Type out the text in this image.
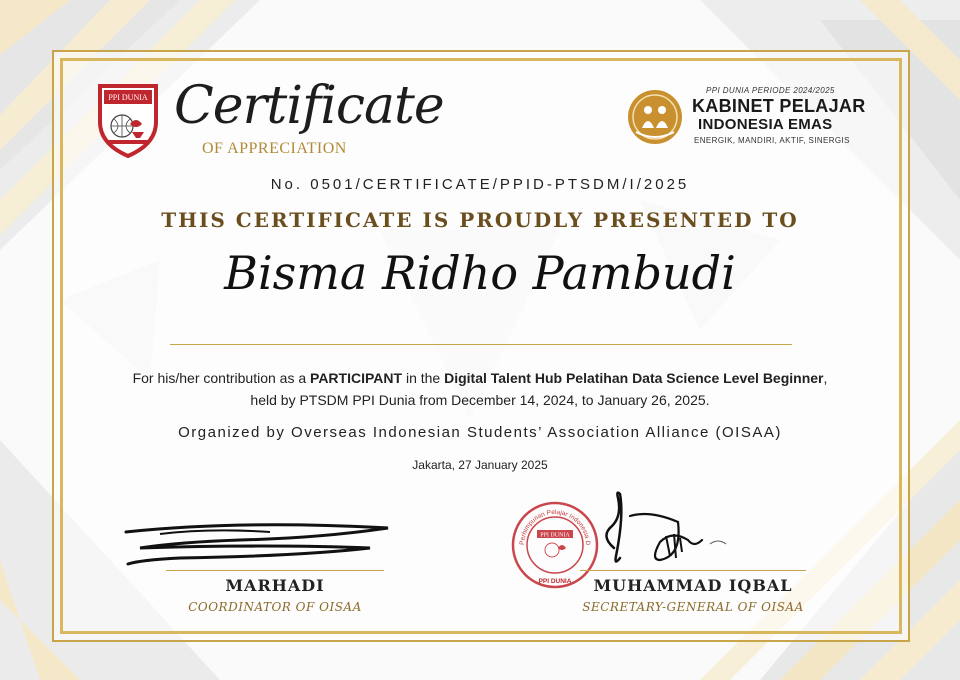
PPI DUNIA Certificate
OF APPRECIATION
PPI DUNIA PERIODE 2024/2025
KABINET PELAJAR
INDONESIA EMAS
ENERGIK, MANDIRI, AKTIF, SINERGIS
No. 0501/CERTIFICATE/PPID-PTSDM/I/2025
THIS CERTIFICATE IS PROUDLY PRESENTED TO
Bisma Ridho Pambudi
For his/her contribution as a PARTICIPANT in the Digital Talent Hub Pelatihan Data Science Level Beginner,
held by PTSDM PPI Dunia from December 14, 2024, to January 26, 2025.
Organized by Overseas Indonesian Students’ Association Alliance (OISAA)
Jakarta, 27 January 2025
MARHADI
COORDINATOR OF OISAA
Perhimpunan Pelajar Indonesia D
PPI DUNIA
PPI DUNIA	MUHAMMAD IQBAL
SECRETARY-GENERAL OF OISAA
